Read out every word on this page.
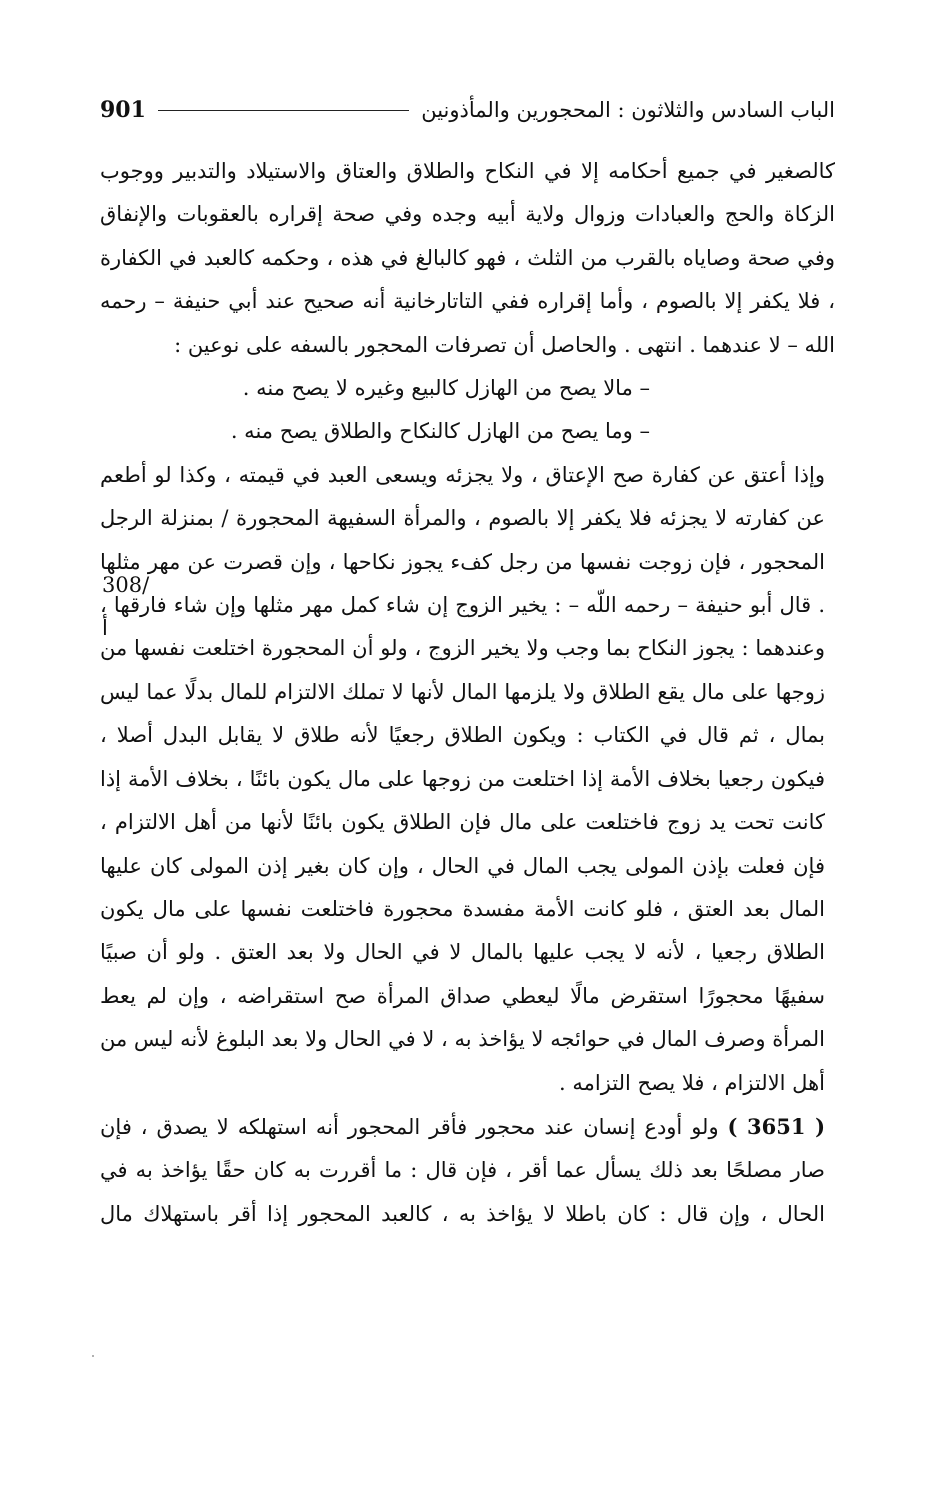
الباب السادس والثلاثون : المحجورين والمأذونين
901
308/أ

كالصغير في جميع أحكامه إلا في النكاح والطلاق والعتاق والاستيلاد والتدبير ووجوب الزكاة والحج والعبادات وزوال ولاية أبيه وجده وفي صحة إقراره بالعقوبات والإنفاق وفي صحة وصاياه بالقرب من الثلث ، فهو كالبالغ في هذه ، وحكمه كالعبد في الكفارة ، فلا يكفر إلا بالصوم ، وأما إقراره ففي التاتارخانية أنه صحيح عند أبي حنيفة – رحمه الله – لا عندهما . انتهى . والحاصل أن تصرفات المحجور بالسفه على نوعين :

– مالا يصح من الهازل كالبيع وغيره لا يصح منه .

– وما يصح من الهازل كالنكاح والطلاق يصح منه .

وإذا أعتق عن كفارة صح الإعتاق ، ولا يجزئه ويسعى العبد في قيمته ، وكذا لو أطعم عن كفارته لا يجزئه فلا يكفر إلا بالصوم ، والمرأة السفيهة المحجورة / بمنزلة الرجل المحجور ، فإن زوجت نفسها من رجل كفء يجوز نكاحها ، وإن قصرت عن مهر مثلها . قال أبو حنيفة – رحمه اللّه – : يخير الزوج إن شاء كمل مهر مثلها وإن شاء فارقها ، وعندهما : يجوز النكاح بما وجب ولا يخير الزوج ، ولو أن المحجورة اختلعت نفسها من زوجها على مال يقع الطلاق ولا يلزمها المال لأنها لا تملك الالتزام للمال بدلًا عما ليس بمال ، ثم قال في الكتاب : ويكون الطلاق رجعيًا لأنه طلاق لا يقابل البدل أصلا ، فيكون رجعيا بخلاف الأمة إذا اختلعت من زوجها على مال يكون بائنًا ، بخلاف الأمة إذا كانت تحت يد زوج فاختلعت على مال فإن الطلاق يكون بائنًا لأنها من أهل الالتزام ، فإن فعلت بإذن المولى يجب المال في الحال ، وإن كان بغير إذن المولى كان عليها المال بعد العتق ، فلو كانت الأمة مفسدة محجورة فاختلعت نفسها على مال يكون الطلاق رجعيا ، لأنه لا يجب عليها بالمال لا في الحال ولا بعد العتق . ولو أن صبيًا سفيهًا محجورًا استقرض مالًا ليعطي صداق المرأة صح استقراضه ، وإن لم يعط المرأة وصرف المال في حوائجه لا يؤاخذ به ، لا في الحال ولا بعد البلوغ لأنه ليس من أهل الالتزام ، فلا يصح التزامه .

( 3651 ) ولو أودع إنسان عند محجور فأقر المحجور أنه استهلكه لا يصدق ، فإن صار مصلحًا بعد ذلك يسأل عما أقر ، فإن قال : ما أقررت به كان حقًا يؤاخذ به في الحال ، وإن قال : كان باطلا لا يؤاخذ به ، كالعبد المحجور إذا أقر باستهلاك مال
